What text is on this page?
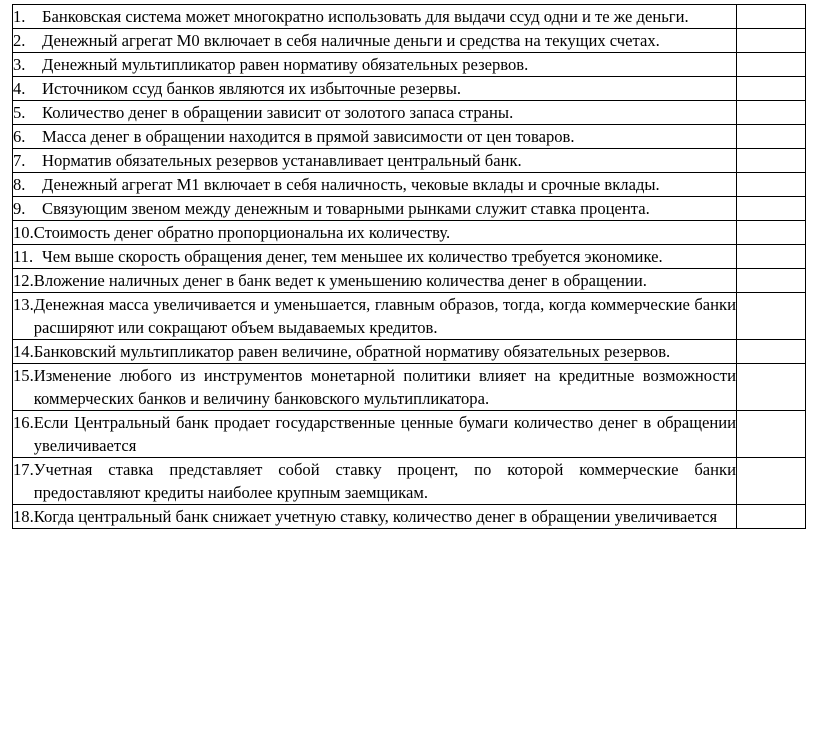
1. Банковская система может многократно использовать для выдачи ссуд одни и те же деньги.	

2. Денежный агрегат М0 включает в себя наличные деньги и средства на текущих счетах.	

3. Денежный мультипликатор равен нормативу обязательных резервов.	

4. Источником ссуд банков являются их избыточные резервы.	

5. Количество денег в обращении зависит от золотого запаса страны.	

6. Масса денег в обращении находится в прямой зависимости от цен товаров.	

7. Норматив обязательных резервов устанавливает центральный банк.	

8. Денежный агрегат М1 включает в себя наличность, чековые вклады и срочные вклады.	

9. Связующим звеном между денежным и товарными рынками служит ставка процента.	

10. Стоимость денег обратно пропорциональна их количеству.	

11. Чем выше скорость обращения денег, тем меньшее их количество требуется экономике.	

12. Вложение наличных денег в банк ведет к уменьшению количества денег в обращении.	

13. Денежная масса увеличивается и уменьшается, главным образов, тогда, когда коммерческие банки расширяют или сокращают объем выдаваемых кредитов.	

14. Банковский мультипликатор равен величине, обратной нормативу обязательных резервов.	

15. Изменение любого из инструментов монетарной политики влияет на кредитные возможности коммерческих банков и величину банковского мультипликатора.	

16. Если Центральный банк продает государственные ценные бумаги количество денег в обращении увеличивается	

17. Учетная ставка представляет собой ставку процент, по которой коммерческие банки предоставляют кредиты наиболее крупным заемщикам.	

18. Когда центральный банк снижает учетную ставку, количество денег в обращении увеличивается	
